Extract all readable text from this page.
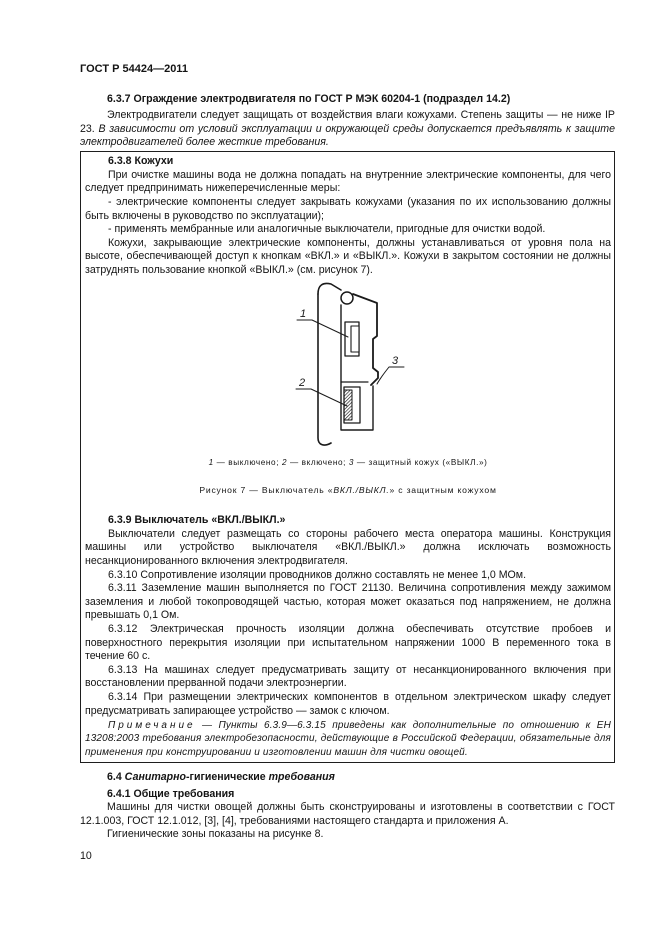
ГОСТ Р 54424—2011

6.3.7 Ограждение электродвигателя по ГОСТ Р МЭК 60204-1 (подраздел 14.2)

Электродвигатели следует защищать от воздействия влаги кожухами. Степень защиты — не ниже IP 23. В зависимости от условий эксплуатации и окружающей среды допускается предъявлять к защите электродвигателей более жесткие требования.

6.3.8 Кожухи

При очистке машины вода не должна попадать на внутренние электрические компоненты, для чего следует предпринимать нижеперечисленные меры:

- электрические компоненты следует закрывать кожухами (указания по их использованию должны быть включены в руководство по эксплуатации);

- применять мембранные или аналогичные выключатели, пригодные для очистки водой.

Кожухи, закрывающие электрические компоненты, должны устанавливаться от уровня пола на высоте, обеспечивающей доступ к кнопкам «ВКЛ.» и «ВЫКЛ.». Кожухи в закрытом состоянии не должны затруднять пользование кнопкой «ВЫКЛ.» (см. рисунок 7).

1
2
3

1 — выключено; 2 — включено; 3 — защитный кожух («ВЫКЛ.»)

Рисунок 7 — Выключатель «ВКЛ./ВЫКЛ.» с защитным кожухом

6.3.9 Выключатель «ВКЛ./ВЫКЛ.»

Выключатели следует размещать со стороны рабочего места оператора машины. Конструкция машины или устройство выключателя «ВКЛ./ВЫКЛ.» должна исключать возможность несанкционированного включения электродвигателя.

6.3.10 Сопротивление изоляции проводников должно составлять не менее 1,0 МОм.

6.3.11 Заземление машин выполняется по ГОСТ 21130. Величина сопротивления между зажимом заземления и любой токопроводящей частью, которая может оказаться под напряжением, не должна превышать 0,1 Ом.

6.3.12 Электрическая прочность изоляции должна обеспечивать отсутствие пробоев и поверхностного перекрытия изоляции при испытательном напряжении 1000 В переменного тока в течение 60 с.

6.3.13 На машинах следует предусматривать защиту от несанкционированного включения при восстановлении прерванной подачи электроэнергии.

6.3.14 При размещении электрических компонентов в отдельном электрическом шкафу следует предусматривать запирающее устройство — замок с ключом.

Примечание — Пункты 6.3.9—6.3.15 приведены как дополнительные по отношению к ЕН 13208:2003 требования электробезопасности, действующие в Российской Федерации, обязательные для применения при конструировании и изготовлении машин для чистки овощей.

6.4 Санитарно-гигиенические требования

6.4.1 Общие требования

Машины для чистки овощей должны быть сконструированы и изготовлены в соответствии с ГОСТ 12.1.003, ГОСТ 12.1.012, [3], [4], требованиями настоящего стандарта и приложения А.

Гигиенические зоны показаны на рисунке 8.

10
